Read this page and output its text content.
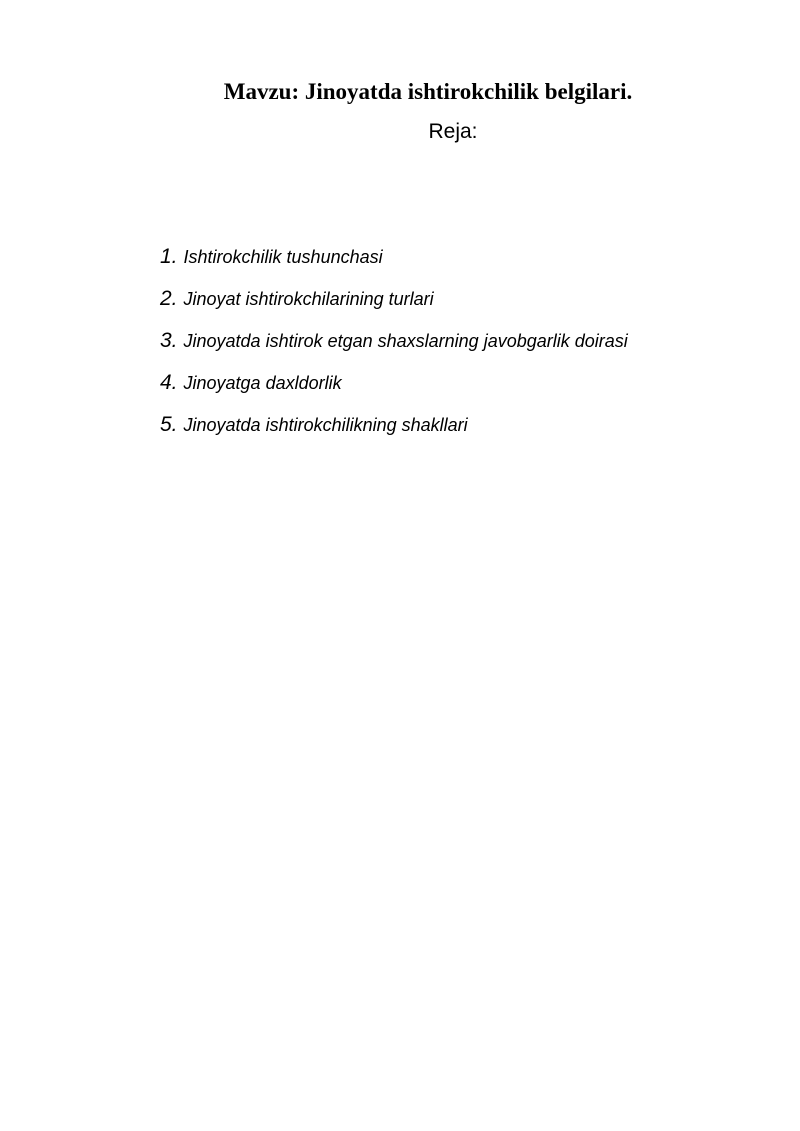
Mavzu: Jinoyatda ishtirokchilik belgilari.
Reja:
1. Ishtirokchilik tushunchasi
2. Jinoyat ishtirokchilarining turlari
3. Jinoyatda ishtirok etgan shaxslarning javobgarlik doirasi
4. Jinoyatga daxldorlik
5. Jinoyatda ishtirokchilikning shakllari
